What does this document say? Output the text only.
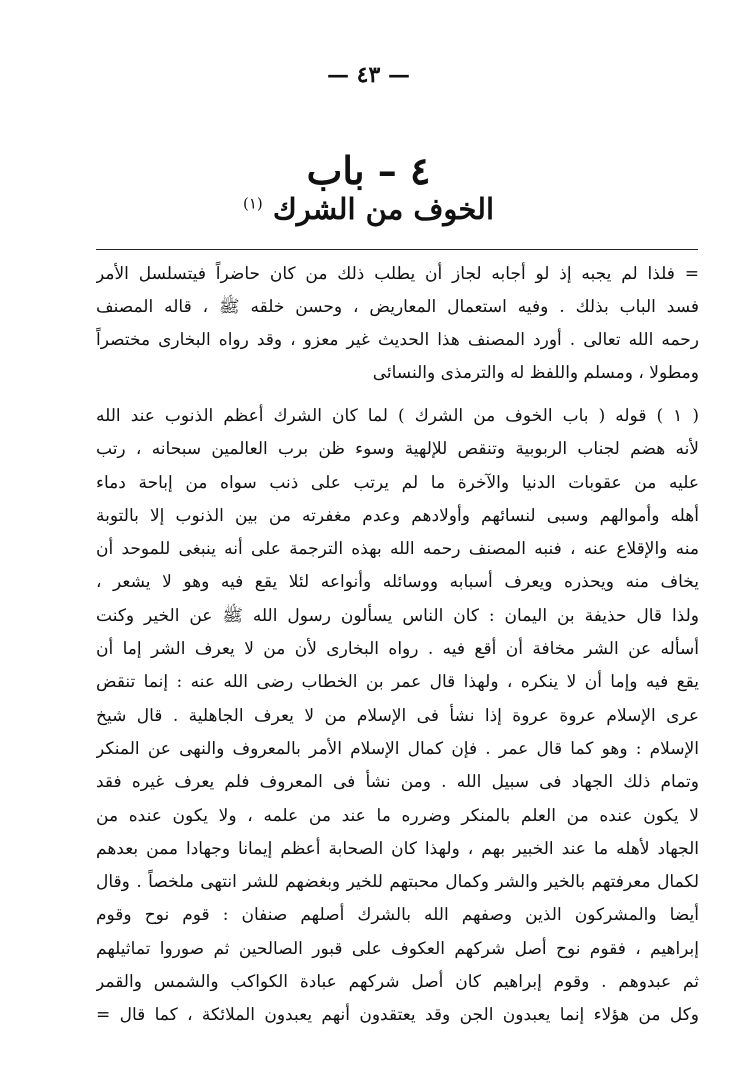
— ٤٣ —
٤ – باب
الخوف من الشرك $^{(١)}$
= فلذا لم يجبه إذ لو أجابه لجاز أن يطلب ذلك من كان حاضراً فيتسلسل الأمر
فسد الباب بذلك . وفيه استعمال المعاريض ، وحسن خلقه ﷺ ، قاله المصنف
رحمه الله تعالى . أورد المصنف هذا الحديث غير معزو ، وقد رواه البخارى مختصراً
ومطولا ، ومسلم واللفظ له والترمذى والنسائى
( ١ ) قوله ( باب الخوف من الشرك ) لما كان الشرك أعظم الذنوب عند الله
لأنه هضم لجناب الربوبية وتنقص للإلهية وسوء ظن برب العالمين سبحانه ، رتب
عليه من عقوبات الدنيا والآخرة ما لم يرتب على ذنب سواه من إباحة دماء
أهله وأموالهم وسبى لنسائهم وأولادهم وعدم مغفرته من بين الذنوب إلا بالتوبة
منه والإقلاع عنه ، فنبه المصنف رحمه الله بهذه الترجمة على أنه ينبغى للموحد أن
يخاف منه ويحذره ويعرف أسبابه ووسائله وأنواعه لئلا يقع فيه وهو لا يشعر ،
ولذا قال حذيفة بن اليمان : كان الناس يسألون رسول الله ﷺ عن الخير وكنت
أسأله عن الشر مخافة أن أقع فيه . رواه البخارى لأن من لا يعرف الشر إما أن
يقع فيه وإما أن لا ينكره ، ولهذا قال عمر بن الخطاب رضى الله عنه : إنما تنقض
عرى الإسلام عروة عروة إذا نشأ فى الإسلام من لا يعرف الجاهلية . قال شيخ
الإسلام : وهو كما قال عمر . فإن كمال الإسلام الأمر بالمعروف والنهى عن المنكر
وتمام ذلك الجهاد فى سبيل الله . ومن نشأ فى المعروف فلم يعرف غيره فقد
لا يكون عنده من العلم بالمنكر وضرره ما عند من علمه ، ولا يكون عنده من
الجهاد لأهله ما عند الخبير بهم ، ولهذا كان الصحابة أعظم إيمانا وجهادا ممن بعدهم
لكمال معرفتهم بالخير والشر وكمال محبتهم للخير وبغضهم للشر انتهى ملخصاً . وقال
أيضا والمشركون الذين وصفهم الله بالشرك أصلهم صنفان : قوم نوح وقوم
إبراهيم ، فقوم نوح أصل شركهم العكوف على قبور الصالحين ثم صوروا تماثيلهم
ثم عبدوهم . وقوم إبراهيم كان أصل شركهم عبادة الكواكب والشمس والقمر
وكل من هؤلاء إنما يعبدون الجن وقد يعتقدون أنهم يعبدون الملائكة ، كما قال =
